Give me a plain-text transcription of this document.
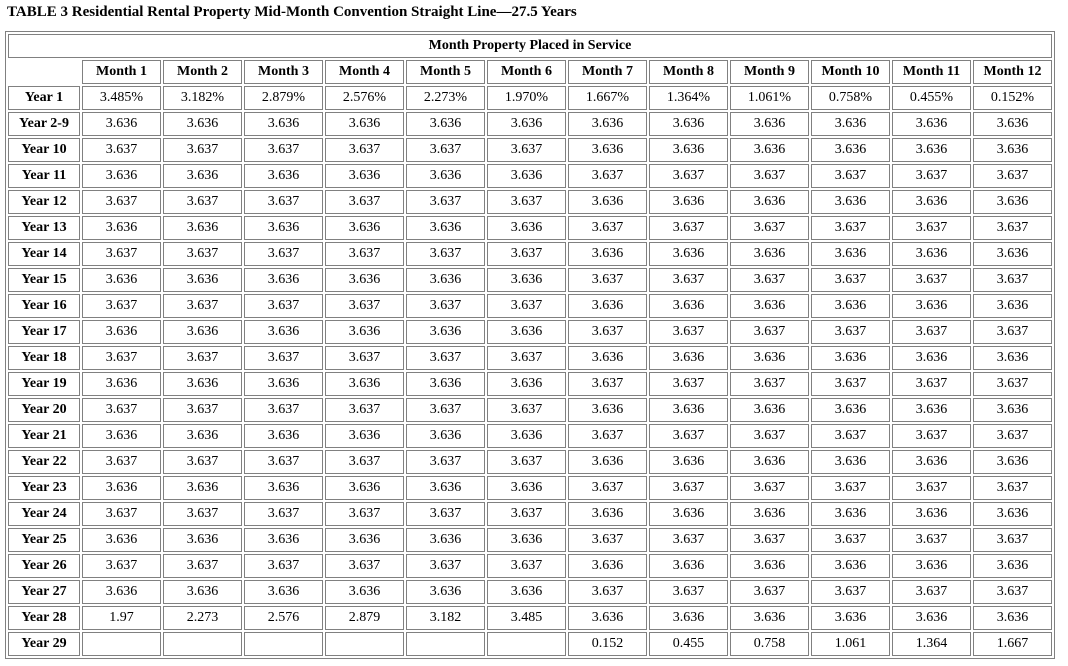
TABLE 3 Residential Rental Property Mid-Month Convention Straight Line—27.5 Years
Month Property Placed in Service												
	Month 1	Month 2	Month 3	Month 4	Month 5	Month 6	Month 7	Month 8	Month 9	Month 10	Month 11	Month 12
Year 1	3.485%	3.182%	2.879%	2.576%	2.273%	1.970%	1.667%	1.364%	1.061%	0.758%	0.455%	0.152%
Year 2-9	3.636	3.636	3.636	3.636	3.636	3.636	3.636	3.636	3.636	3.636	3.636	3.636
Year 10	3.637	3.637	3.637	3.637	3.637	3.637	3.636	3.636	3.636	3.636	3.636	3.636
Year 11	3.636	3.636	3.636	3.636	3.636	3.636	3.637	3.637	3.637	3.637	3.637	3.637
Year 12	3.637	3.637	3.637	3.637	3.637	3.637	3.636	3.636	3.636	3.636	3.636	3.636
Year 13	3.636	3.636	3.636	3.636	3.636	3.636	3.637	3.637	3.637	3.637	3.637	3.637
Year 14	3.637	3.637	3.637	3.637	3.637	3.637	3.636	3.636	3.636	3.636	3.636	3.636
Year 15	3.636	3.636	3.636	3.636	3.636	3.636	3.637	3.637	3.637	3.637	3.637	3.637
Year 16	3.637	3.637	3.637	3.637	3.637	3.637	3.636	3.636	3.636	3.636	3.636	3.636
Year 17	3.636	3.636	3.636	3.636	3.636	3.636	3.637	3.637	3.637	3.637	3.637	3.637
Year 18	3.637	3.637	3.637	3.637	3.637	3.637	3.636	3.636	3.636	3.636	3.636	3.636
Year 19	3.636	3.636	3.636	3.636	3.636	3.636	3.637	3.637	3.637	3.637	3.637	3.637
Year 20	3.637	3.637	3.637	3.637	3.637	3.637	3.636	3.636	3.636	3.636	3.636	3.636
Year 21	3.636	3.636	3.636	3.636	3.636	3.636	3.637	3.637	3.637	3.637	3.637	3.637
Year 22	3.637	3.637	3.637	3.637	3.637	3.637	3.636	3.636	3.636	3.636	3.636	3.636
Year 23	3.636	3.636	3.636	3.636	3.636	3.636	3.637	3.637	3.637	3.637	3.637	3.637
Year 24	3.637	3.637	3.637	3.637	3.637	3.637	3.636	3.636	3.636	3.636	3.636	3.636
Year 25	3.636	3.636	3.636	3.636	3.636	3.636	3.637	3.637	3.637	3.637	3.637	3.637
Year 26	3.637	3.637	3.637	3.637	3.637	3.637	3.636	3.636	3.636	3.636	3.636	3.636
Year 27	3.636	3.636	3.636	3.636	3.636	3.636	3.637	3.637	3.637	3.637	3.637	3.637
Year 28	1.97	2.273	2.576	2.879	3.182	3.485	3.636	3.636	3.636	3.636	3.636	3.636
Year 29							0.152	0.455	0.758	1.061	1.364	1.667
